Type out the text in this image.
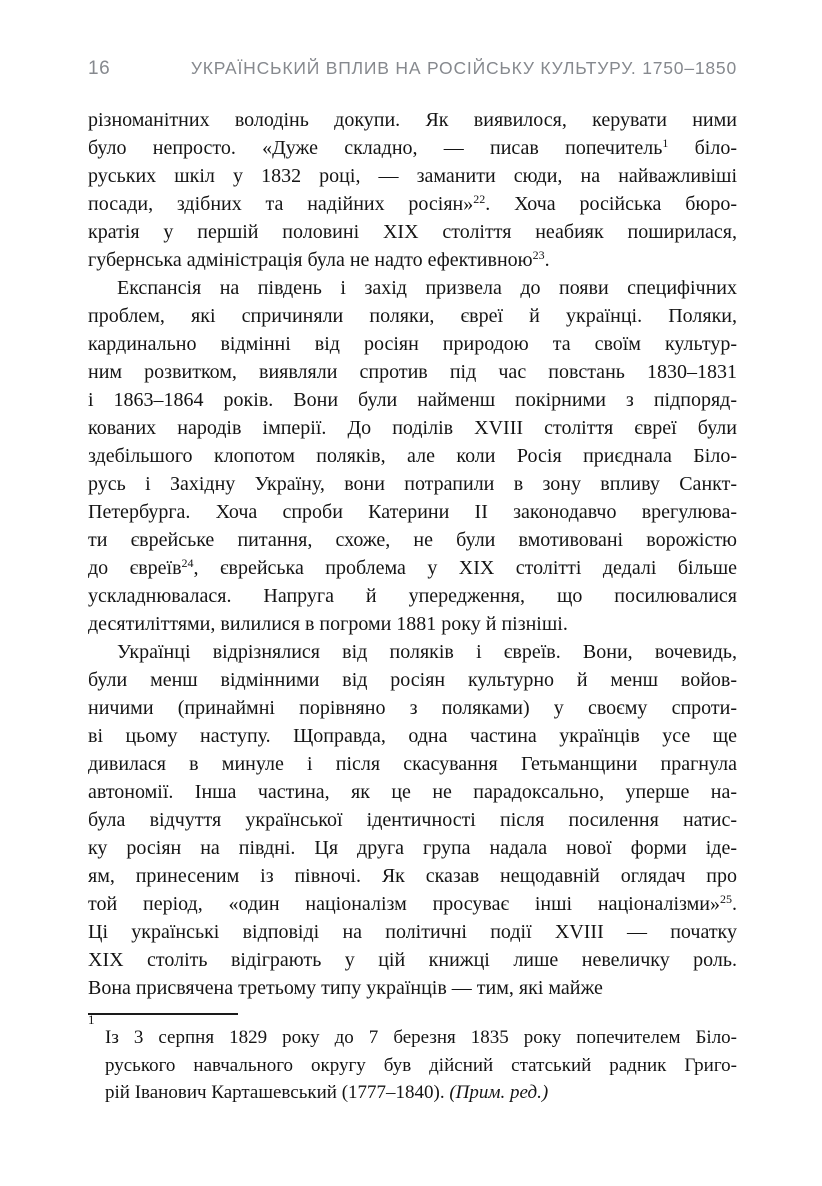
16	УКРАЇНСЬКИЙ ВПЛИВ НА РОСІЙСЬКУ КУЛЬТУРУ. 1750–1850
різноманітних володінь докупи. Як виявилося, керувати ними
було непросто. «Дуже складно, — писав попечитель$^1$ біло-
руських шкіл у 1832 році, — заманити сюди, на найважливіші
посади, здібних та надійних росіян»$^{22}$. Хоча російська бюро-
кратія у першій половині XIX століття неабияк поширилася,
губернська адміністрація була не надто ефективною$^{23}$.
Експансія на південь і захід призвела до появи специфічних
проблем, які спричиняли поляки, євреї й українці. Поляки,
кардинально відмінні від росіян природою та своїм культур-
ним розвитком, виявляли спротив під час повстань 1830–1831
і 1863–1864 років. Вони були найменш покірними з підпоряд-
кованих народів імперії. До поділів XVIII століття євреї були
здебільшого клопотом поляків, але коли Росія приєднала Біло-
русь і Західну Україну, вони потрапили в зону впливу Санкт-
Петербурга. Хоча спроби Катерини II законодавчо врегулюва-
ти єврейське питання, схоже, не були вмотивовані ворожістю
до євреїв$^{24}$, єврейська проблема у XIX столітті дедалі більше
ускладнювалася. Напруга й упередження, що посилювалися
десятиліттями, вилилися в погроми 1881 року й пізніші.
Українці відрізнялися від поляків і євреїв. Вони, вочевидь,
були менш відмінними від росіян культурно й менш войов-
ничими (принаймні порівняно з поляками) у своєму спроти-
ві цьому наступу. Щоправда, одна частина українців усе ще
дивилася в минуле і після скасування Гетьманщини прагнула
автономії. Інша частина, як це не парадоксально, уперше на-
була відчуття української ідентичності після посилення натис-
ку росіян на півдні. Ця друга група надала нової форми іде-
ям, принесеним із півночі. Як сказав нещодавній оглядач про
той період, «один націоналізм просуває інші націоналізми»$^{25}$.
Ці українські відповіді на політичні події XVIII — початку
XIX століть відіграють у цій книжці лише невеличку роль.
Вона присвячена третьому типу українців — тим, які майже
1
Із 3 серпня 1829 року до 7 березня 1835 року попечителем Біло-
руського навчального округу був дійсний статський радник Григо-
рій Іванович Карташевський (1777–1840). (Прим. ред.)
